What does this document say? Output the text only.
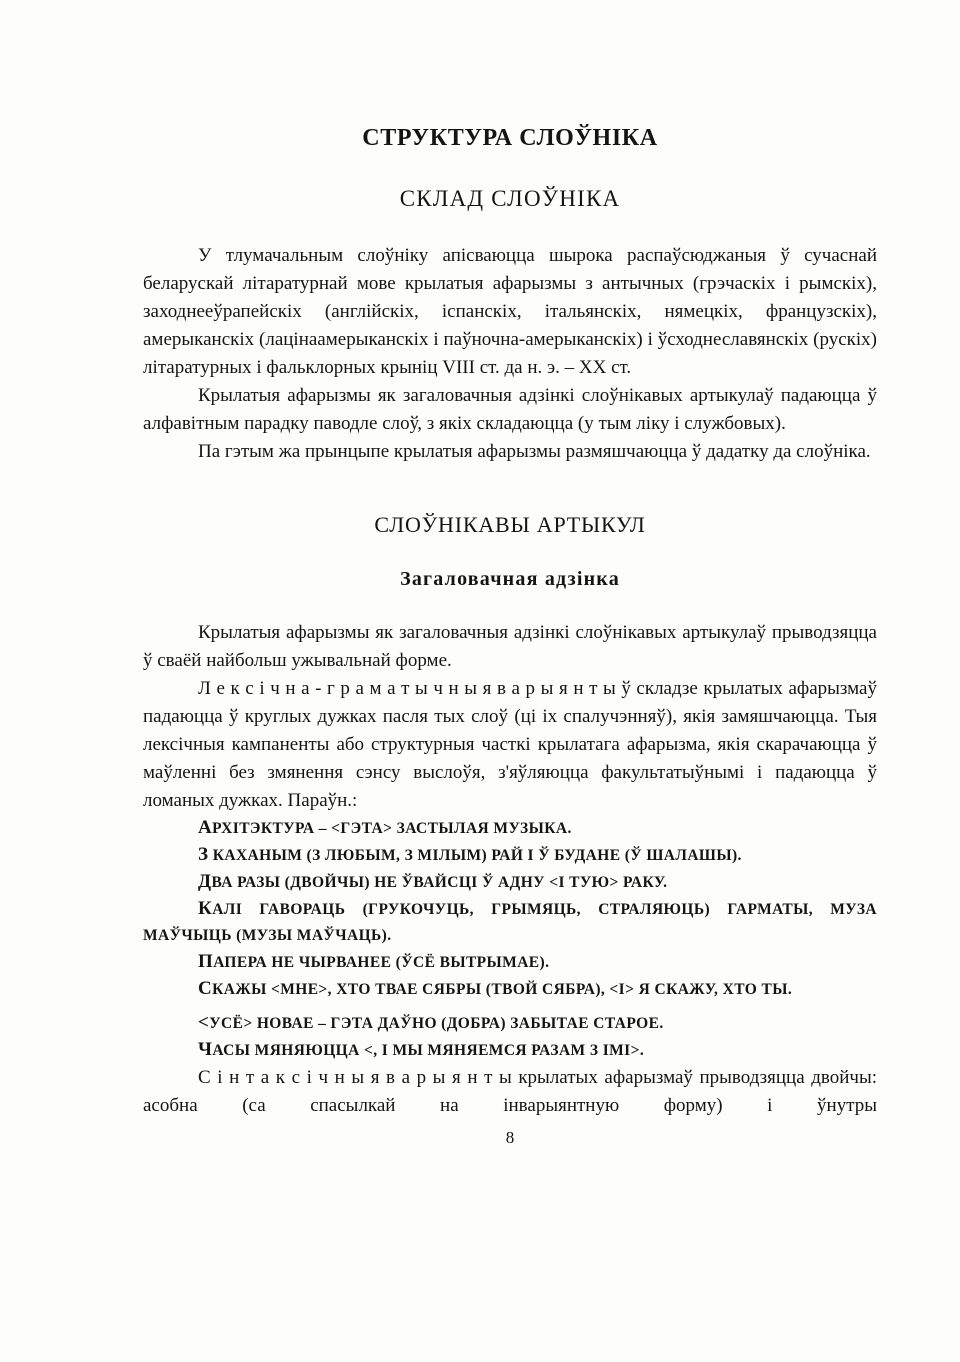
СТРУКТУРА СЛОЎНІКА
СКЛАД СЛОЎНІКА

У тлумачальным слоўніку апісваюцца шырока распаўсюджаныя ў сучаснай беларускай літаратурнай мове крылатыя афарызмы з антычных (грэчаскіх і рымскіх), заходнееўрапейскіх (англійскіх, іспанскіх, італьянскіх, нямецкіх, французскіх), амерыканскіх (лацінаамерыканскіх і паўночна-амерыканскіх) і ўсходнеславянскіх (рускіх) літаратурных і фальклорных крыніц VIII ст. да н. э. – XX ст.

Крылатыя афарызмы як загаловачныя адзінкі слоўнікавых артыкулаў падаюцца ў алфавітным парадку паводле слоў, з якіх складаюцца (у тым ліку і службовых).

Па гэтым жа прынцыпе крылатыя афарызмы размяшчаюцца ў дадатку да слоўніка.

СЛОЎНІКАВЫ АРТЫКУЛ
Загаловачная адзінка

Крылатыя афарызмы як загаловачныя адзінкі слоўнікавых артыкулаў прыводзяцца ў сваёй найбольш ужывальнай форме.

Л е к с і ч н а - г р а м а т ы ч н ы я в а р ы я н т ы ў складзе крылатых афарызмаў падаюцца ў круглых дужках пасля тых слоў (ці іх спалучэнняў), якія замяшчаюцца. Тыя лексічныя кампаненты або структурныя часткі крылатага афарызма, якія скарачаюцца ў маўленні без змянення сэнсу выслоўя, з'яўляюцца факультатыўнымі і падаюцца ў ломаных дужках. Параўн.:

АРХІТЭКТУРА – <ГЭТА> ЗАСТЫЛАЯ МУЗЫКА.

З КАХАНЫМ (З ЛЮБЫМ, З МІЛЫМ) РАЙ І Ў БУДАНЕ (Ў ШАЛАШЫ).

ДВА РАЗЫ (ДВОЙЧЫ) НЕ ЎВАЙСЦІ Ў АДНУ <І ТУЮ> РАКУ.

КАЛІ ГАВОРАЦЬ (ГРУКОЧУЦЬ, ГРЫМЯЦЬ, СТРАЛЯЮЦЬ) ГАРМАТЫ, МУЗА МАЎЧЫЦЬ (МУЗЫ МАЎЧАЦЬ).

ПАПЕРА НЕ ЧЫРВАНЕЕ (ЎСЁ ВЫТРЫМАЕ).

СКАЖЫ <МНЕ>, ХТО ТВАЕ СЯБРЫ (ТВОЙ СЯБРА), <І> Я СКАЖУ, ХТО ТЫ.

<УСЁ> НОВАЕ – ГЭТА ДАЎНО (ДОБРА) ЗАБЫТАЕ СТАРОЕ.

ЧАСЫ МЯНЯЮЦЦА <, І МЫ МЯНЯЕМСЯ РАЗАМ З ІМІ>.

С і н т а к с і ч н ы я в а р ы я н т ы крылатых афарызмаў прыводзяцца двойчы: асобна (са спасылкай на інварыянтную форму) і ўнутры

8
